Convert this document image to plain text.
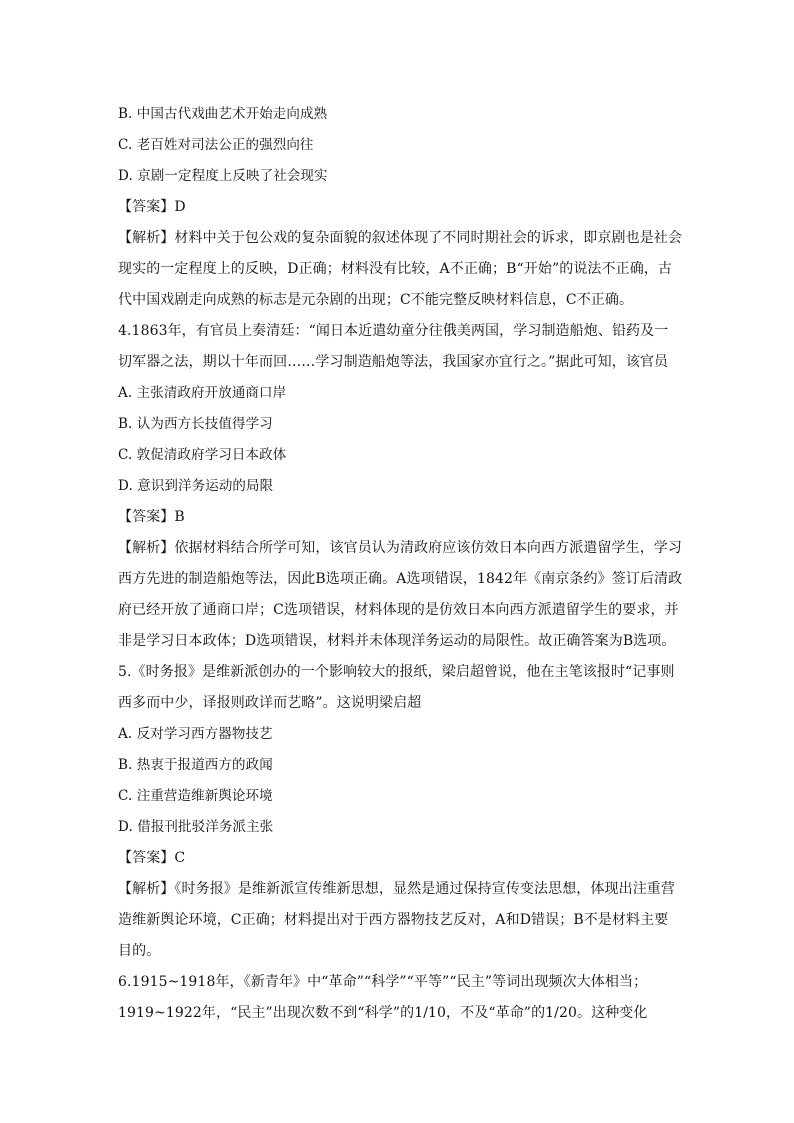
B. 中国古代戏曲艺术开始走向成熟
C. 老百姓对司法公正的强烈向往
D. 京剧一定程度上反映了社会现实
【答案】D
【解析】材料中关于包公戏的复杂面貌的叙述体现了不同时期社会的诉求，即京剧也是社会
现实的一定程度上的反映，D正确；材料没有比较，A不正确；B“开始”的说法不正确，古
代中国戏剧走向成熟的标志是元杂剧的出现；C不能完整反映材料信息，C不正确。
4.1863年，有官员上奏清廷：“闻日本近遣幼童分往俄美两国，学习制造船炮、铅药及一
切军器之法，期以十年而回……学习制造船炮等法，我国家亦宜行之。”据此可知，该官员
A. 主张清政府开放通商口岸
B. 认为西方长技值得学习
C. 敦促清政府学习日本政体
D. 意识到洋务运动的局限
【答案】B
【解析】依据材料结合所学可知，该官员认为清政府应该仿效日本向西方派遣留学生，学习
西方先进的制造船炮等法，因此B选项正确。A选项错误，1842年《南京条约》签订后清政
府已经开放了通商口岸；C选项错误，材料体现的是仿效日本向西方派遣留学生的要求，并
非是学习日本政体；D选项错误，材料并未体现洋务运动的局限性。故正确答案为B选项。
5.《时务报》是维新派创办的一个影响较大的报纸，梁启超曾说，他在主笔该报时“记事则
西多而中少，译报则政详而艺略”。这说明梁启超
A. 反对学习西方器物技艺
B. 热衷于报道西方的政闻
C. 注重营造维新舆论环境
D. 借报刊批驳洋务派主张
【答案】C
【解析】《时务报》是维新派宣传维新思想，显然是通过保持宣传变法思想，体现出注重营
造维新舆论环境，C正确；材料提出对于西方器物技艺反对，A和D错误；B不是材料主要
目的。
6.1915~1918年，《新青年》中“革命”“科学”“平等”“民主”等词出现频次大体相当；
1919~1922年，“民主”出现次数不到“科学”的1/10，不及“革命”的1/20。这种变化
